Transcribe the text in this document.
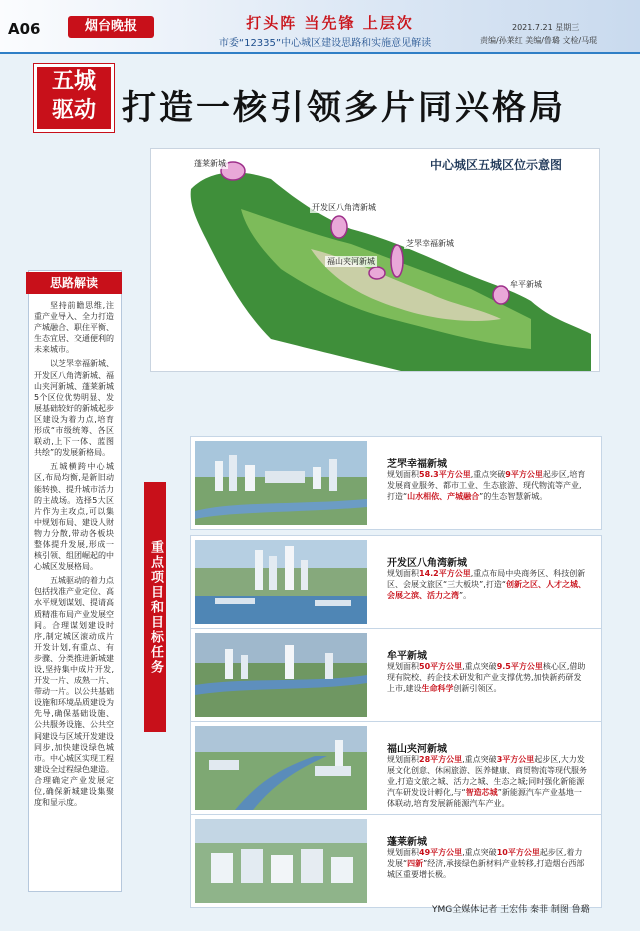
A06	烟台晚报	打头阵 当先锋 上层次
市委“12335”中心城区建设思路和实施意见解读
2021.7.21 星期三
责编/孙莱红 美编/鲁璐 文检/马琨
五城
驱动 打造一核引领多片同兴格局
中心城区五城区位示意图
蓬莱新城
开发区八角湾新城
芝罘幸福新城
福山夹河新城
牟平新城
思路解读

坚持前瞻思维,注重产业导入、全力打造产城融合、职住平衡、生态宜居、交通便利的未来城市。

以芝罘幸福新城、开发区八角湾新城、福山夹河新城、蓬莱新城5个区位优势明显、发展基础较好的新城起步区建设为着力点,培育形成“市级统筹、各区联动,上下一体、蓝图共绘”的发展新格局。

五城横跨中心城区,布局均衡,是新旧动能转换、提升城市活力的主战场。选择5大区片作为主攻点,可以集中规划布局、建设人财物力分散,带动各板块整体提升发展,形成一核引领、组团崛起的中心城区发展格局。

五城驱动的着力点包括找准产业定位、高水平规划谋划、提请高质精准布局产业发展空间。合理谋划建设时序,制定城区滚动成片开发计划,有重点、有步骤、分类推进新城建设,坚持集中成片开发,开发一片、成熟一片、带动一片。以公共基础设施和环境品质建设为先导,确保基础设施、公共服务设施、公共空间建设与区域开发建设同步,加快建设绿色城市。中心城区实现工程建设全过程绿色建造。合理确定产业发展定位,确保新城建设集聚度和显示度。

重点项目和目标任务
芝罘幸福新城
规划面积58.3平方公里,重点突破9平方公里起步区,培育发展商业服务、都市工业、生态旅游、现代物流等产业,打造“山水相依、产城融合”的生态智慧新城。
开发区八角湾新城
规划面积14.2平方公里,重点布局中央商务区、科技创新区、会展文旅区“三大板块”,打造“创新之区、人才之城、会展之滨、活力之湾”。
牟平新城
规划面积50平方公里,重点突破9.5平方公里核心区,借助现有院校、药企技术研发和产业支撑优势,加快新药研发上市,建设生命科学创新引领区。
福山夹河新城
规划面积28平方公里,重点突破3平方公里起步区,大力发展文化创意、休闲旅游、医养健康、商贸物流等现代服务业,打造文旅之城、活力之城、生态之城;同时强化新能源汽车研发设计孵化,与“智造芯城”新能源汽车产业基地一体联动,培育发展新能源汽车产业。
蓬莱新城
规划面积49平方公里,重点突破10平方公里起步区,着力发展“四新”经济,承接绿色新材料产业转移,打造烟台西部城区重要增长极。
YMG全媒体记者 王宏伟 秦菲 制图 鲁璐
